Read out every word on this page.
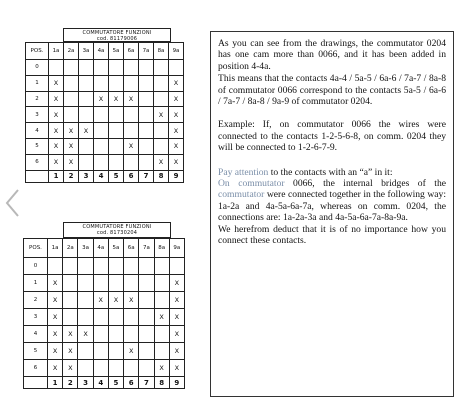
COMMUTATORE FUNZIONI
cod. 81179006
POS.	1a	2a	3a	4a	5a	6a	7a	8a	9a
0									
1	X								X
2	X			X	X	X			X
3	X							X	X
4	X	X	X						X
5	X	X				X			X
6	X	X						X	X
	1	2	3	4	5	6	7	8	9
COMMUTATORE FUNZIONI
cod. 81730204
POS.	1a	2a	3a	4a	5a	6a	7a	8a	9a
0									
1	X								X
2	X			X	X	X			X
3	X							X	X
4	X	X	X						X
5	X	X				X			X
6	X	X						X	X
	1	2	3	4	5	6	7	8	9

As you can see from the drawings, the commutator 0204 has one cam more than 0066, and it has been added in position 4-4a.

This means that the contacts 4a-4 / 5a-5 / 6a-6 / 7a-7 / 8a-8 of commutator 0066 correspond to the contacts 5a-5 / 6a-6 / 7a-7 / 8a-8 / 9a-9 of commutator 0204.

Example: If, on commutator 0066 the wires were connected to the contacts 1-2-5-6-8, on comm. 0204 they will be connected to 1-2-6-7-9.

Pay attention to the contacts with an “a” in it:

On commutator 0066, the internal bridges of the commutator were connected together in the following way: 1a-2a and 4a-5a-6a-7a, whereas on comm. 0204, the connections are: 1a-2a-3a and 4a-5a-6a-7a-8a-9a.

We herefrom deduct that it is of no importance how you connect these contacts.
